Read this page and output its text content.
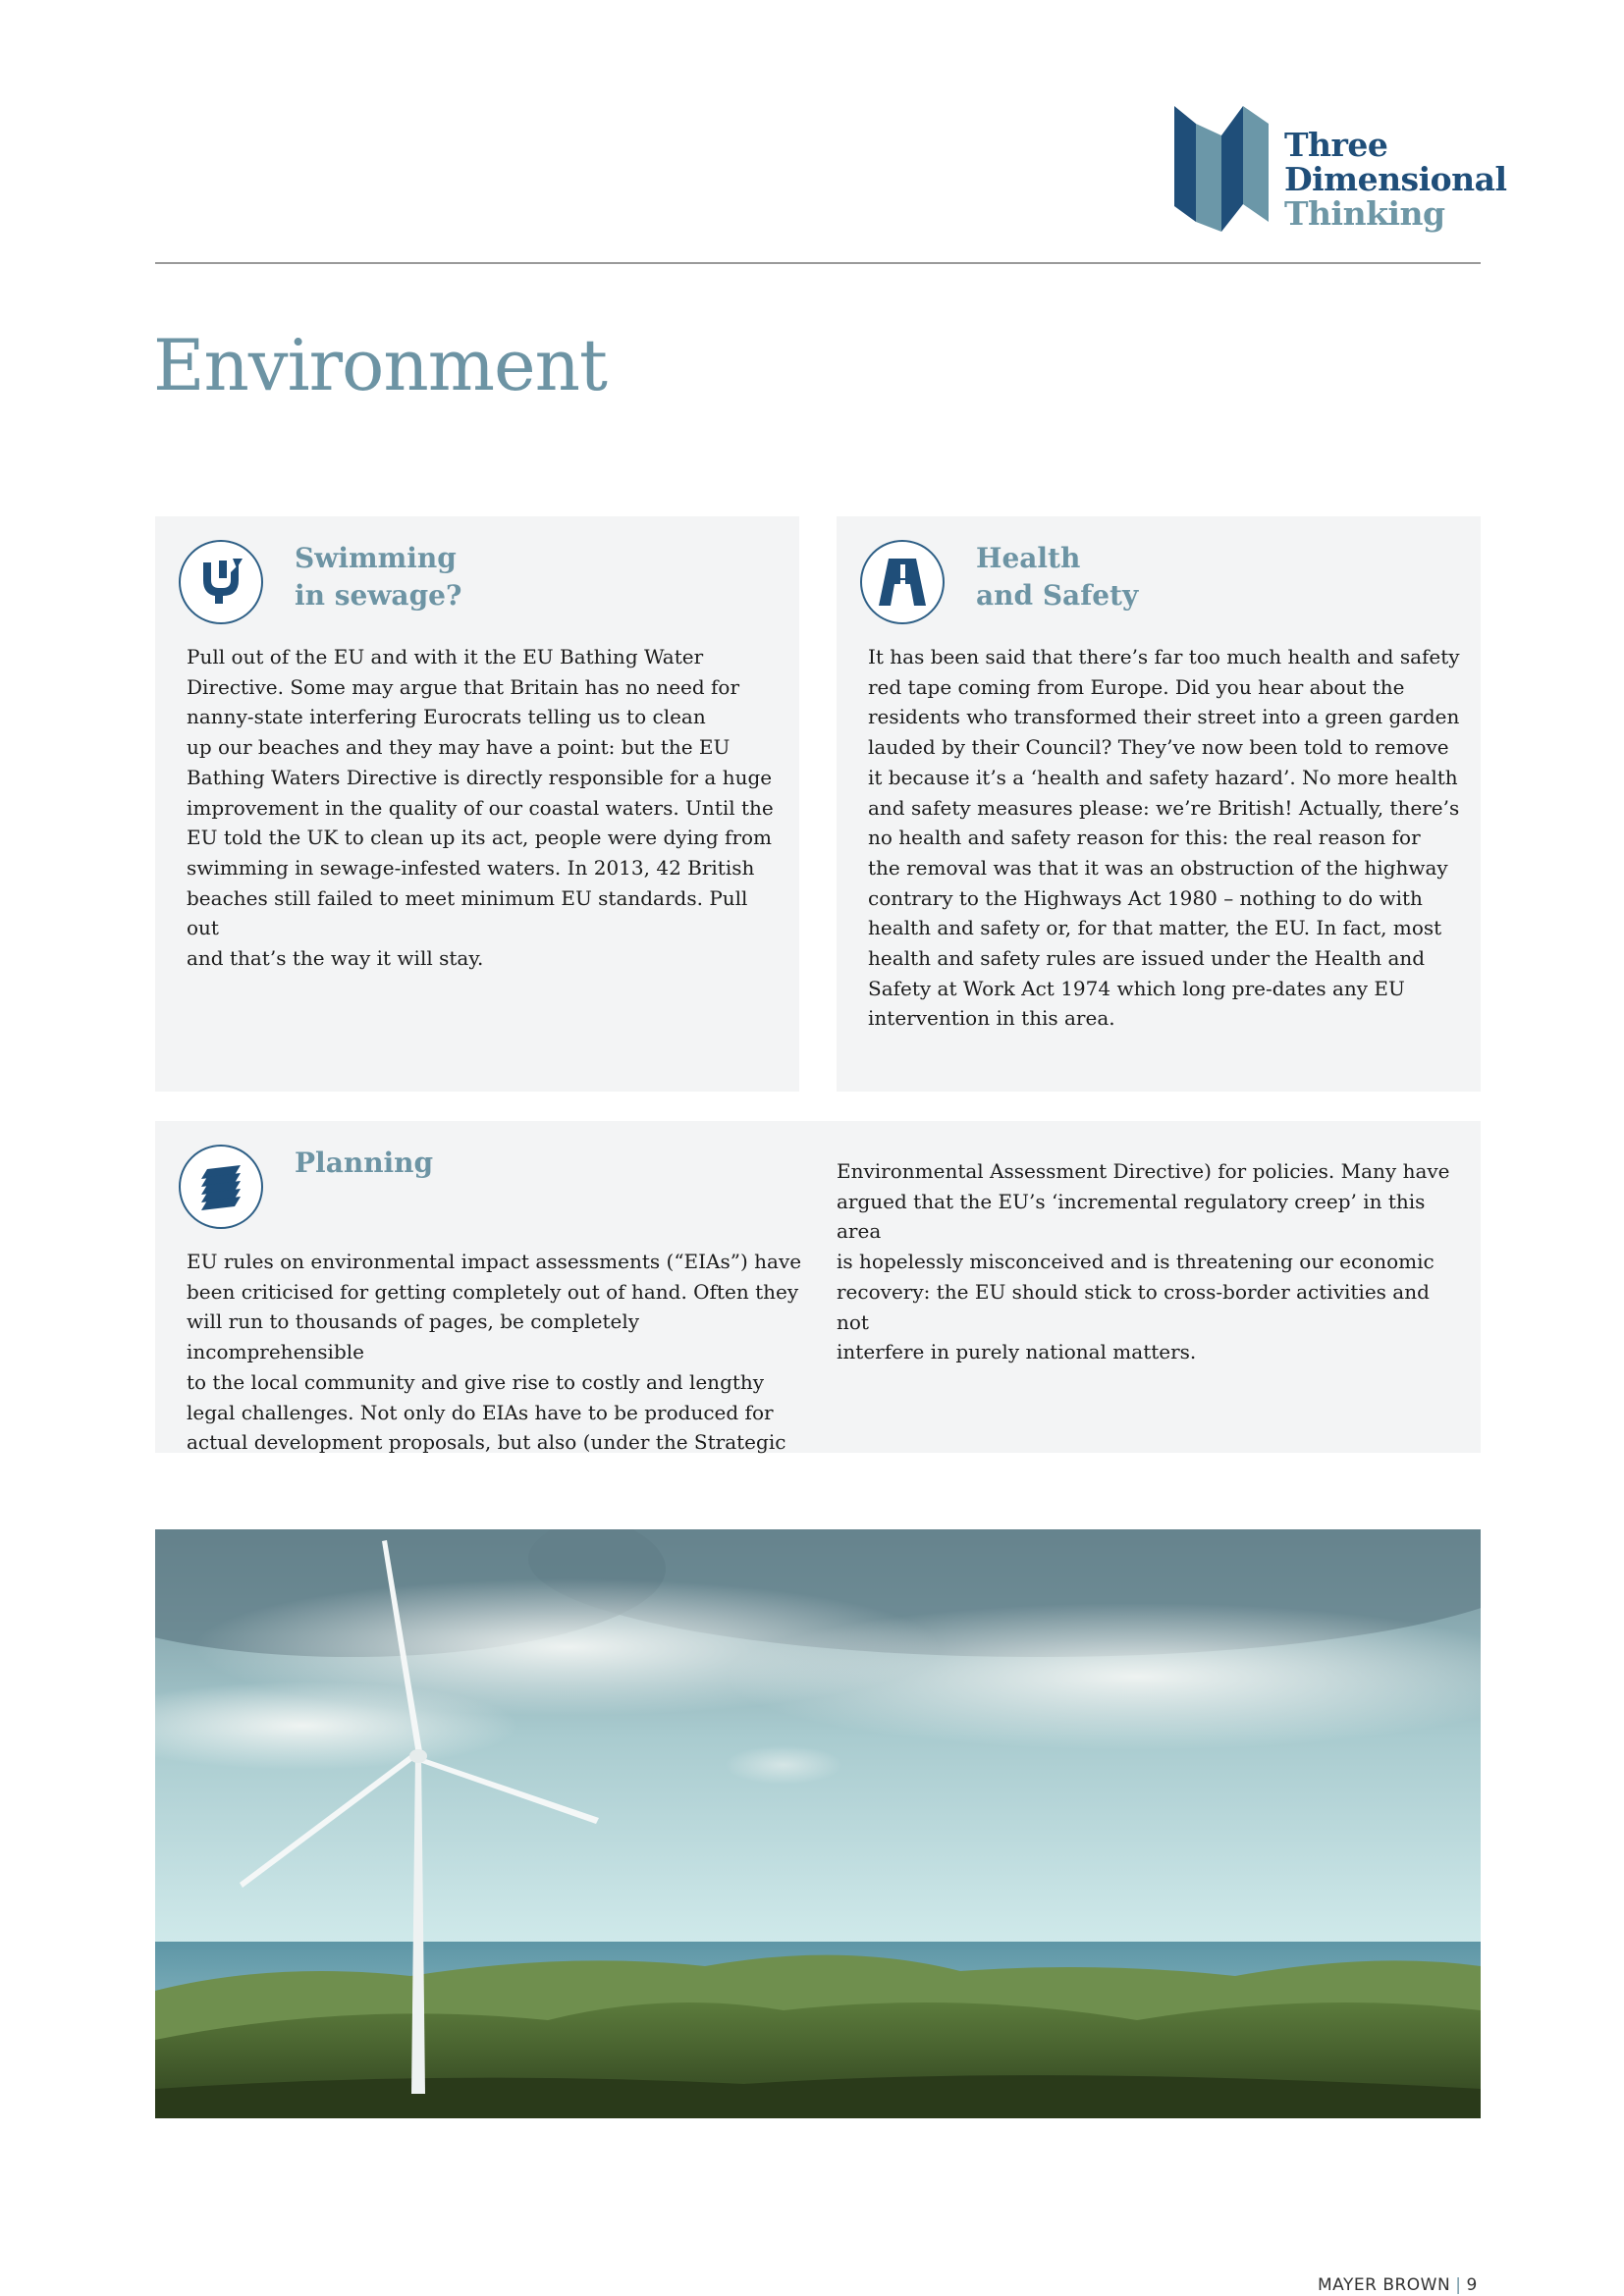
Three
Dimensional
Thinking
Environment
Swimming
in sewage?

Pull out of the EU and with it the EU Bathing Water

Directive. Some may argue that Britain has no need for

nanny-state interfering Eurocrats telling us to clean

up our beaches and they may have a point: but the EU

Bathing Waters Directive is directly responsible for a huge

improvement in the quality of our coastal waters. Until the

EU told the UK to clean up its act, people were dying from

swimming in sewage-infested waters. In 2013, 42 British

beaches still failed to meet minimum EU standards. Pull out

and that’s the way it will stay.

Health
and Safety

It has been said that there’s far too much health and safety

red tape coming from Europe. Did you hear about the

residents who transformed their street into a green garden

lauded by their Council? They’ve now been told to remove

it because it’s a ‘health and safety hazard’. No more health

and safety measures please: we’re British! Actually, there’s

no health and safety reason for this: the real reason for

the removal was that it was an obstruction of the highway

contrary to the Highways Act 1980 – nothing to do with

health and safety or, for that matter, the EU. In fact, most

health and safety rules are issued under the Health and

Safety at Work Act 1974 which long pre-dates any EU

intervention in this area.

Planning

EU rules on environmental impact assessments (“EIAs”) have

been criticised for getting completely out of hand. Often they

will run to thousands of pages, be completely incomprehensible

to the local community and give rise to costly and lengthy

legal challenges. Not only do EIAs have to be produced for

actual development proposals, but also (under the Strategic

Environmental Assessment Directive) for policies. Many have

argued that the EU’s ‘incremental regulatory creep’ in this area

is hopelessly misconceived and is threatening our economic

recovery: the EU should stick to cross-border activities and not

interfere in purely national matters.

MAYER BROWN | 9
